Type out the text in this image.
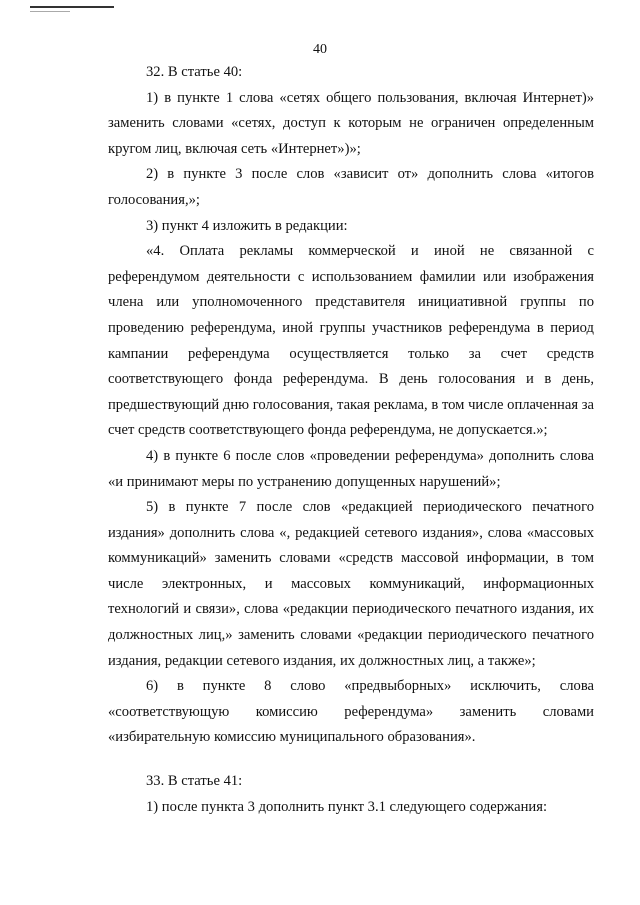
40

32. В статье 40:

1) в пункте 1 слова «сетях общего пользования, включая Интернет)» заменить словами «сетях, доступ к которым не ограничен определенным кругом лиц, включая сеть «Интернет»)»;

2) в пункте 3 после слов «зависит от» дополнить слова «итогов голосования,»;

3) пункт 4 изложить в редакции:

«4. Оплата рекламы коммерческой и иной не связанной с референдумом деятельности с использованием фамилии или изображения члена или уполномоченного представителя инициативной группы по проведению референдума, иной группы участников референдума в период кампании референдума осуществляется только за счет средств соответствующего фонда референдума. В день голосования и в день, предшествующий дню голосования, такая реклама, в том числе оплаченная за счет средств соответствующего фонда референдума, не допускается.»;

4) в пункте 6 после слов «проведении референдума» дополнить слова «и принимают меры по устранению допущенных нарушений»;

5) в пункте 7 после слов «редакцией периодического печатного издания» дополнить слова «, редакцией сетевого издания», слова «массовых коммуникаций» заменить словами «средств массовой информации, в том числе электронных, и массовых коммуникаций, информационных технологий и связи», слова «редакции периодического печатного издания, их должностных лиц,» заменить словами «редакции периодического печатного издания, редакции сетевого издания, их должностных лиц, а также»;

6) в пункте 8 слово «предвыборных» исключить, слова «соответствующую комиссию референдума» заменить словами «избирательную комиссию муниципального образования».

33. В статье 41:

1) после пункта 3 дополнить пункт 3.1 следующего содержания:
